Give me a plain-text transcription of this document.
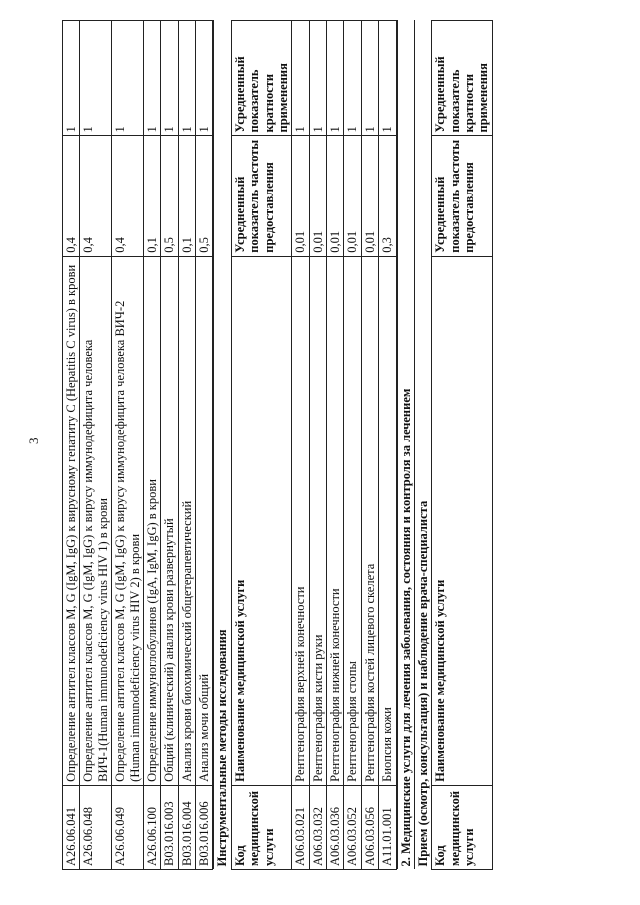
3
A26.06.041	Определение антител классов M, G (IgM, IgG) к вирусному гепатиту C (Hepatitis C virus) в крови	0,4	1
A26.06.048	Определение антител классов M, G (IgM, IgG) к вирусу иммунодефицита человека ВИЧ-1(Human immunodeficiency virus HIV 1) в крови	0,4	1
A26.06.049	Определение антител классов M, G (IgM, IgG) к вирусу иммунодефицита человека ВИЧ-2 (Human immunodeficiency virus HIV 2) в крови	0,4	1
A26.06.100	Определение иммуноглобулинов (IgA, IgM, IgG) в крови	0,1	1
B03.016.003	Общий (клинический) анализ крови развернутый	0,5	1
B03.016.004	Анализ крови биохимический общетерапевтический	0,1	1
B03.016.006	Анализ мочи общий	0,5	1
Инструментальные методы исследования			
Код медицинской услуги	Наименование медицинской услуги	Усредненный показатель частоты предоставления	Усредненный показатель кратности применения
A06.03.021	Рентгенография верхней конечности	0,01	1
A06.03.032	Рентгенография кисти руки	0,01	1
A06.03.036	Рентгенография нижней конечности	0,01	1
A06.03.052	Рентгенография стопы	0,01	1
A06.03.056	Рентгенография костей лицевого скелета	0,01	1
A11.01.001	Биопсия кожи	0,3	1
2. Медицинские услуги для лечения заболевания, состояния и контроля за лечением			
Прием (осмотр, консультация) и наблюдение врача-специалиста			
Код медицинской услуги	Наименование медицинской услуги	Усредненный показатель частоты предоставления	Усредненный показатель кратности применения
